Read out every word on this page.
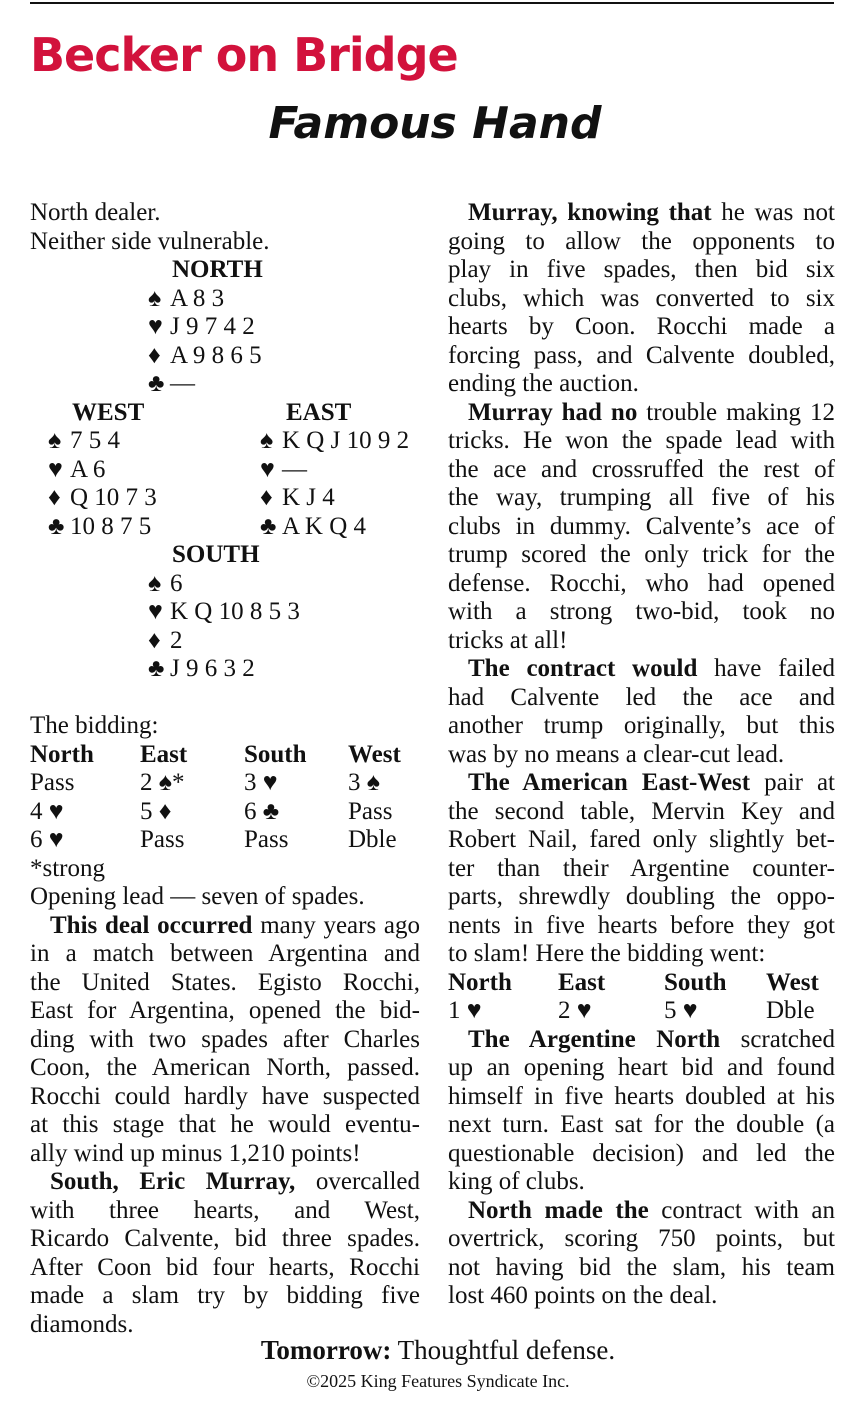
Becker on Bridge
Famous Hand
North dealer.
Neither side vulnerable.
NORTH
♠ A 8 3
♥ J 9 7 4 2
♦ A 9 8 6 5
♣ —
WEST	EAST
♠ 7 5 4
♥ A 6
♦ Q 10 7 3
♣ 10 8 7 5
♠ K Q J 10 9 2
♥ —
♦ K J 4
♣ A K Q 4
SOUTH
♠ 6
♥ K Q 10 8 5 3
♦ 2
♣ J 9 6 3 2
The bidding:
North East South West
Pass	2 ♠* 3 ♥	3 ♠
4 ♥	5 ♦	6 ♣	Pass
6 ♥	Pass Pass Dble
*strong
Opening lead — seven of spades.
This deal occurred many years ago
in a match between Argentina and
the United States. Egisto Rocchi,
East for Argentina, opened the bid-
ding with two spades after Charles
Coon, the American North, passed.
Rocchi could hardly have suspected
at this stage that he would eventu-
ally wind up minus 1,210 points!
South, Eric Murray, overcalled
with three hearts, and West,
Ricardo Calvente, bid three spades.
After Coon bid four hearts, Rocchi
made a slam try by bidding five
diamonds.
Murray, knowing that he was not
going to allow the opponents to
play in five spades, then bid six
clubs, which was converted to six
hearts by Coon. Rocchi made a
forcing pass, and Calvente doubled,
ending the auction.
Murray had no trouble making 12
tricks. He won the spade lead with
the ace and crossruffed the rest of
the way, trumping all five of his
clubs in dummy. Calvente’s ace of
trump scored the only trick for the
defense. Rocchi, who had opened
with a strong two-bid, took no
tricks at all!
The contract would have failed
had Calvente led the ace and
another trump originally, but this
was by no means a clear-cut lead.
The American East-West pair at
the second table, Mervin Key and
Robert Nail, fared only slightly bet-
ter than their Argentine counter-
parts, shrewdly doubling the oppo-
nents in five hearts before they got
to slam! Here the bidding went:
North East South West
1 ♥	2 ♥	5 ♥	Dble
The Argentine North scratched
up an opening heart bid and found
himself in five hearts doubled at his
next turn. East sat for the double (a
questionable decision) and led the
king of clubs.
North made the contract with an
overtrick, scoring 750 points, but
not having bid the slam, his team
lost 460 points on the deal.
Tomorrow: Thoughtful defense.
©2025 King Features Syndicate Inc.
